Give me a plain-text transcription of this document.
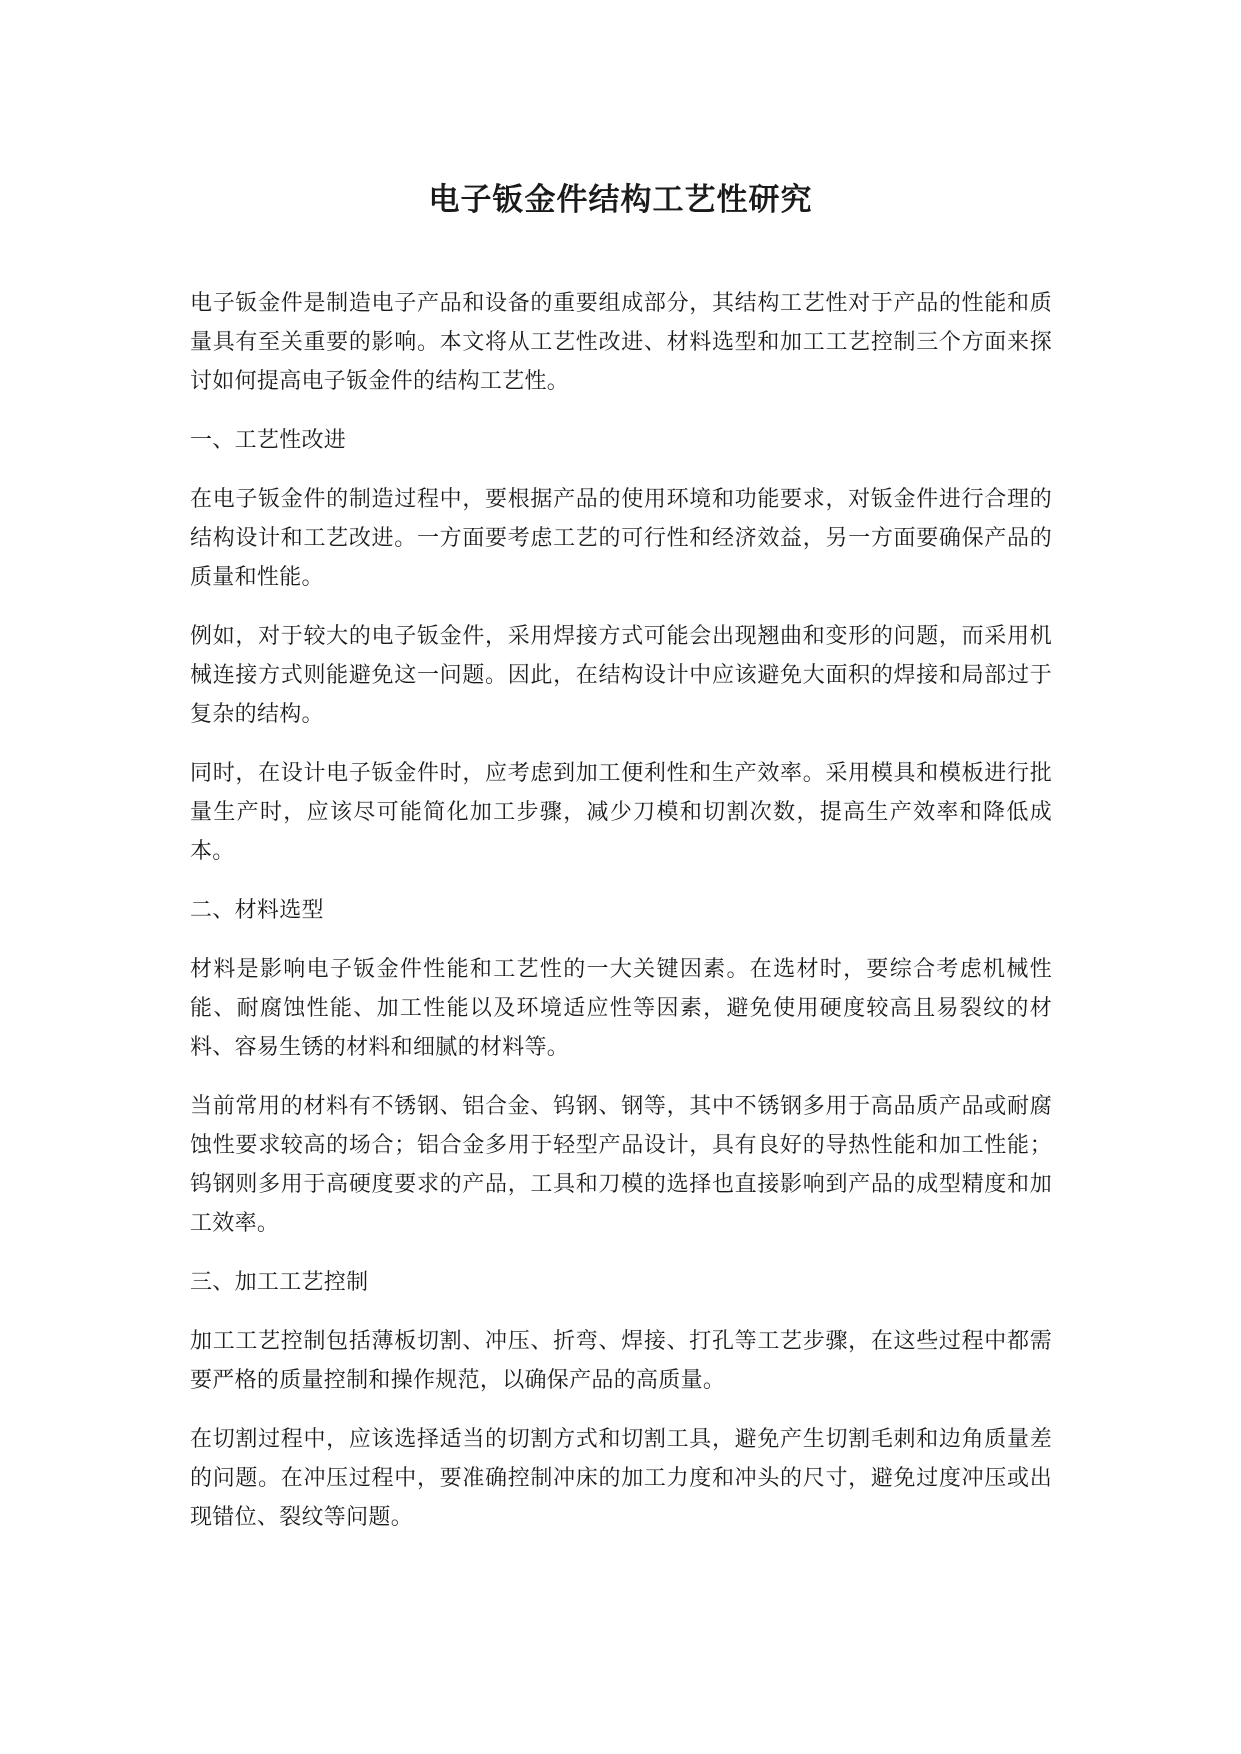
电子钣金件结构工艺性研究

电子钣金件是制造电子产品和设备的重要组成部分，其结构工艺性对于产品的性能和质量具有至关重要的影响。本文将从工艺性改进、材料选型和加工工艺控制三个方面来探讨如何提高电子钣金件的结构工艺性。

一、工艺性改进

在电子钣金件的制造过程中，要根据产品的使用环境和功能要求，对钣金件进行合理的结构设计和工艺改进。一方面要考虑工艺的可行性和经济效益，另一方面要确保产品的质量和性能。

例如，对于较大的电子钣金件，采用焊接方式可能会出现翘曲和变形的问题，而采用机械连接方式则能避免这一问题。因此，在结构设计中应该避免大面积的焊接和局部过于复杂的结构。

同时，在设计电子钣金件时，应考虑到加工便利性和生产效率。采用模具和模板进行批量生产时，应该尽可能简化加工步骤，减少刀模和切割次数，提高生产效率和降低成本。

二、材料选型

材料是影响电子钣金件性能和工艺性的一大关键因素。在选材时，要综合考虑机械性能、耐腐蚀性能、加工性能以及环境适应性等因素，避免使用硬度较高且易裂纹的材料、容易生锈的材料和细腻的材料等。

当前常用的材料有不锈钢、铝合金、钨钢、钢等，其中不锈钢多用于高品质产品或耐腐蚀性要求较高的场合；铝合金多用于轻型产品设计，具有良好的导热性能和加工性能；钨钢则多用于高硬度要求的产品，工具和刀模的选择也直接影响到产品的成型精度和加工效率。

三、加工工艺控制

加工工艺控制包括薄板切割、冲压、折弯、焊接、打孔等工艺步骤，在这些过程中都需要严格的质量控制和操作规范，以确保产品的高质量。

在切割过程中，应该选择适当的切割方式和切割工具，避免产生切割毛刺和边角质量差的问题。在冲压过程中，要准确控制冲床的加工力度和冲头的尺寸，避免过度冲压或出现错位、裂纹等问题。
